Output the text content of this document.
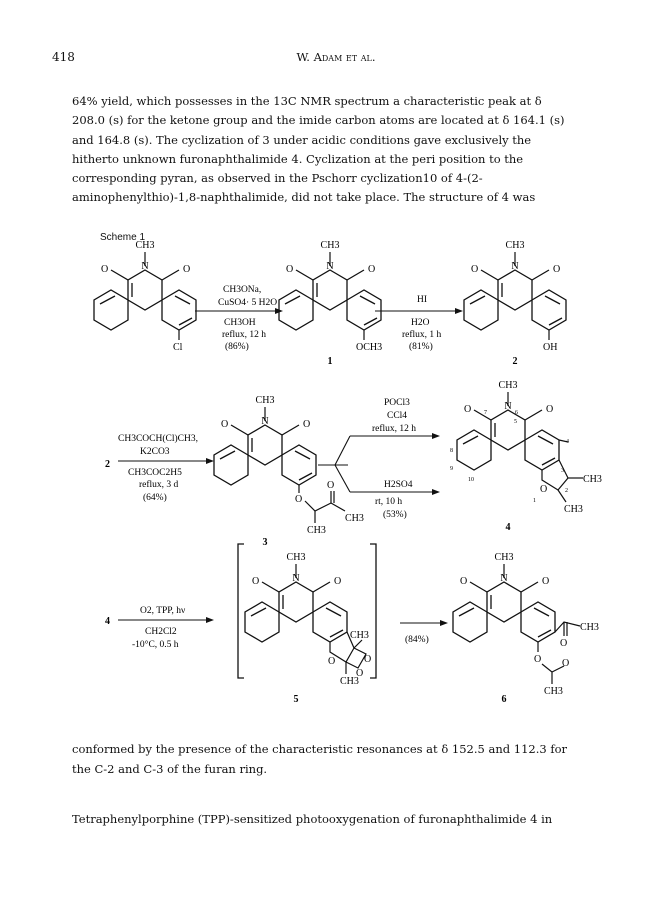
418	W. Adam et al.

64% yield, which possesses in the 13C NMR spectrum a characteristic peak at δ

208.0 (s) for the ketone group and the imide carbon atoms are located at δ 164.1 (s)

and 164.8 (s). The cyclization of 3 under acidic conditions gave exclusively the

hitherto unknown furonaphthalimide 4. Cyclization at the peri position to the

corresponding pyran, as observed in the Pschorr cyclization10 of 4-(2-

aminophenylthio)-1,8-naphthalimide, did not take place. The structure of 4 was

Scheme 1
N
CH3
O	O
Cl
CH3ONa,
CuSO4· 5 H2O
CH3OH
reflux, 12 h
(86%)
N
CH3
O	O
OCH3
1
HI
H2O
reflux, 1 h
(81%)
N
CH3
O	O
OH
2
2
CH3COCH(Cl)CH3,
K2CO3
CH3COC2H5
reflux, 3 d
(64%)
N
CH3
O	O
O
O
CH3
CH3
3
POCl3
CCl4
reflux, 12 h
H2SO4
rt, 10 h
(53%)
N
CH3
O	O
CH3
CH3
O
6
7
5
4
3
2
1
8
9
10
4
4
O2, TPP, hν
CH2Cl2
-10°C, 0.5 h
N
CH3
O	O
CH3
CH3
O	O
O
5
(84%)
N
CH3
O	O
O
CH3
O O
CH3
6
conformed by the presence of the characteristic resonances at δ 152.5 and 112.3 for
the C-2 and C-3 of the furan ring.
Tetraphenylporphine (TPP)-sensitized photooxygenation of furonaphthalimide 4 in
